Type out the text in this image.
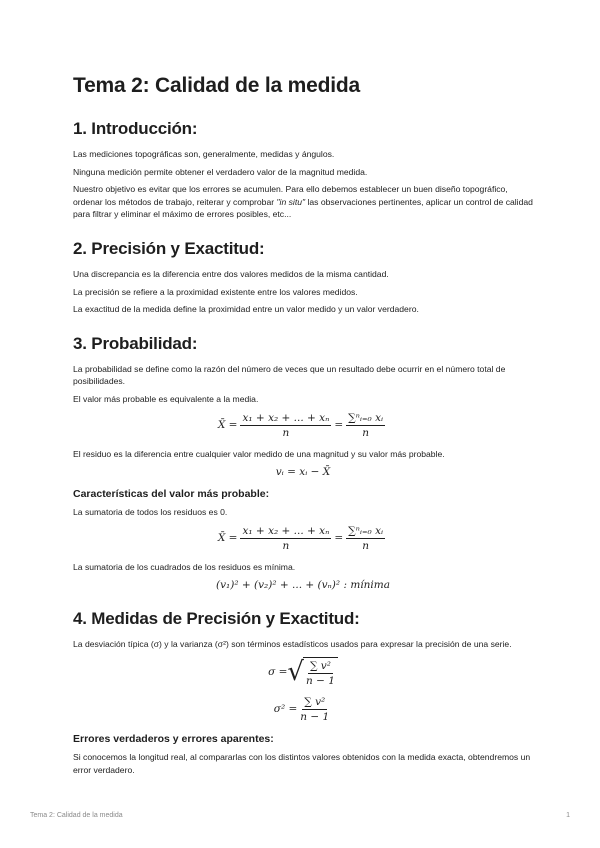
Tema 2: Calidad de la medida
1. Introducción:

Las mediciones topográficas son, generalmente, medidas y ángulos.

Ninguna medición permite obtener el verdadero valor de la magnitud medida.

Nuestro objetivo es evitar que los errores se acumulen. Para ello debemos establecer un buen diseño topográfico, ordenar los métodos de trabajo, reiterar y comprobar "in situ" las observaciones pertinentes, aplicar un control de calidad para filtrar y eliminar el máximo de errores posibles, etc...

2. Precisión y Exactitud:

Una discrepancia es la diferencia entre dos valores medidos de la misma cantidad.

La precisión se refiere a la proximidad existente entre los valores medidos.

La exactitud de la medida define la proximidad entre un valor medido y un valor verdadero.

3. Probabilidad:

La probabilidad se define como la razón del número de veces que un resultado debe ocurrir en el número total de posibilidades.

El valor más probable es equivalente a la media.

X̄ = $\frac{\text{x₁ + x₂ + ... + xₙ}}{n} = \frac{\text{∑ⁿᵢ₌₀ xᵢ}}{n}$

El residuo es la diferencia entre cualquier valor medido de una magnitud y su valor más probable.

vᵢ = xᵢ − X̄
Características del valor más probable:

La sumatoria de todos los residuos es 0.

X̄ = $\frac{\text{x₁ + x₂ + ... + xₙ}}{n} = \frac{\text{∑ⁿᵢ₌₀ xᵢ}}{n}$

La sumatoria de los cuadrados de los residuos es mínima.

(v₁)² + (v₂)² + ... + (vₙ)² : mínima
4. Medidas de Precisión y Exactitud:

La desviación típica (σ) y la varianza (σ²) son términos estadísticos usados para expresar la precisión de una serie.

σ = √ $\frac{\text{∑ v²}}{n - 1}$
$\sigma^2 = \frac{\text{∑ v²}}{n - 1}$
Errores verdaderos y errores aparentes:

Si conocemos la longitud real, al compararlas con los distintos valores obtenidos con la medida exacta, obtendremos un error verdadero.

Tema 2: Calidad de la medida	1
